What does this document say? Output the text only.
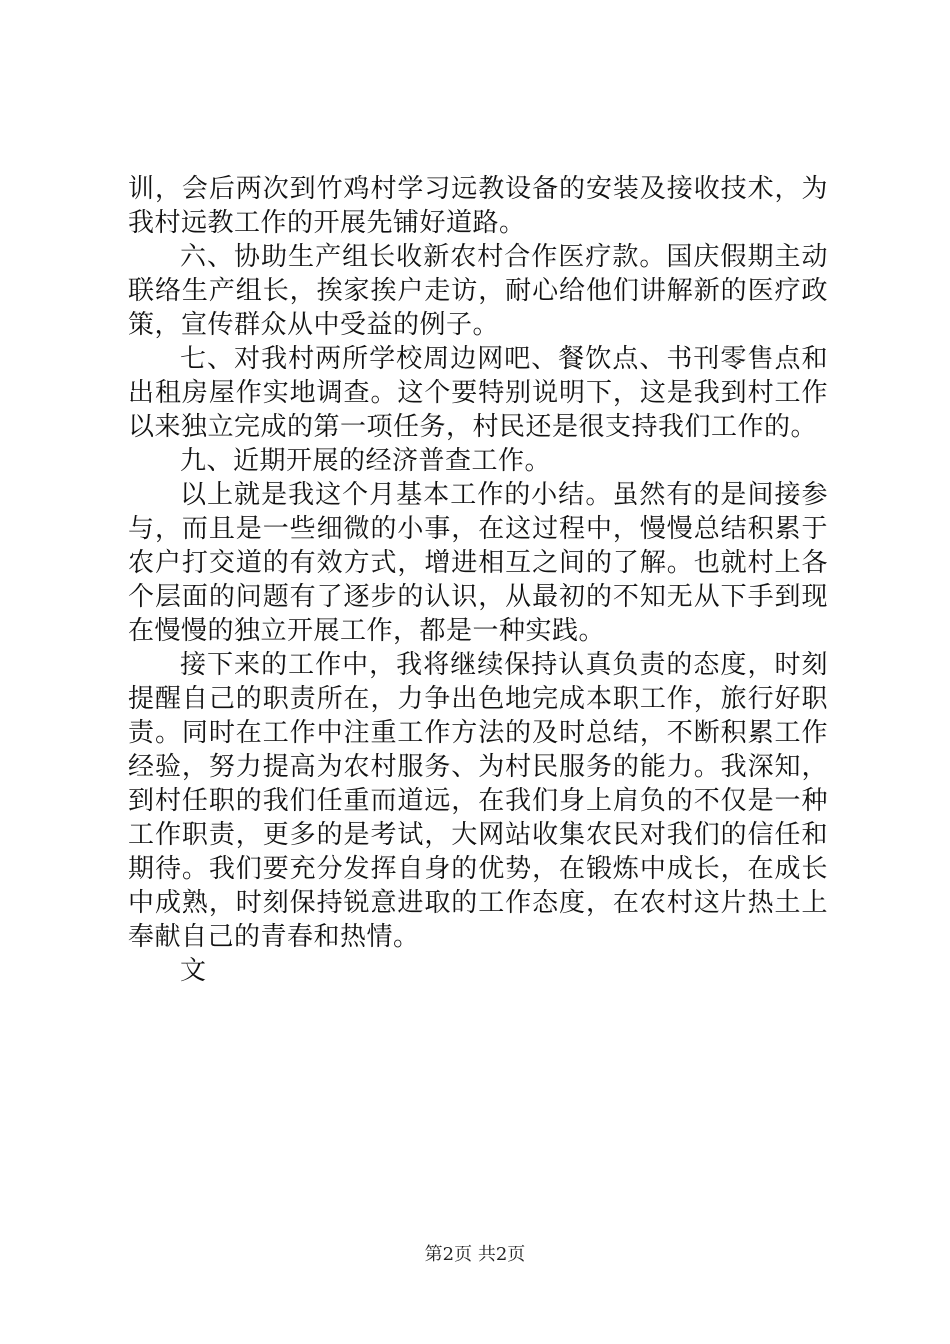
训，会后两次到竹鸡村学习远教设备的安装及接收技术，为我村远教工作的开展先铺好道路。

六、协助生产组长收新农村合作医疗款。国庆假期主动联络生产组长，挨家挨户走访，耐心给他们讲解新的医疗政策，宣传群众从中受益的例子。

七、对我村两所学校周边网吧、餐饮点、书刊零售点和出租房屋作实地调查。这个要特别说明下，这是我到村工作以来独立完成的第一项任务，村民还是很支持我们工作的。

九、近期开展的经济普查工作。

以上就是我这个月基本工作的小结。虽然有的是间接参与，而且是一些细微的小事，在这过程中，慢慢总结积累于农户打交道的有效方式，增进相互之间的了解。也就村上各个层面的问题有了逐步的认识，从最初的不知无从下手到现在慢慢的独立开展工作，都是一种实践。

接下来的工作中，我将继续保持认真负责的态度，时刻提醒自己的职责所在，力争出色地完成本职工作，旅行好职责。同时在工作中注重工作方法的及时总结，不断积累工作经验，努力提高为农村服务、为村民服务的能力。我深知，到村任职的我们任重而道远，在我们身上肩负的不仅是一种工作职责，更多的是考试，大网站收集农民对我们的信任和期待。我们要充分发挥自身的优势，在锻炼中成长，在成长中成熟，时刻保持锐意进取的工作态度，在农村这片热土上奉献自己的青春和热情。

文

第2页 共2页
